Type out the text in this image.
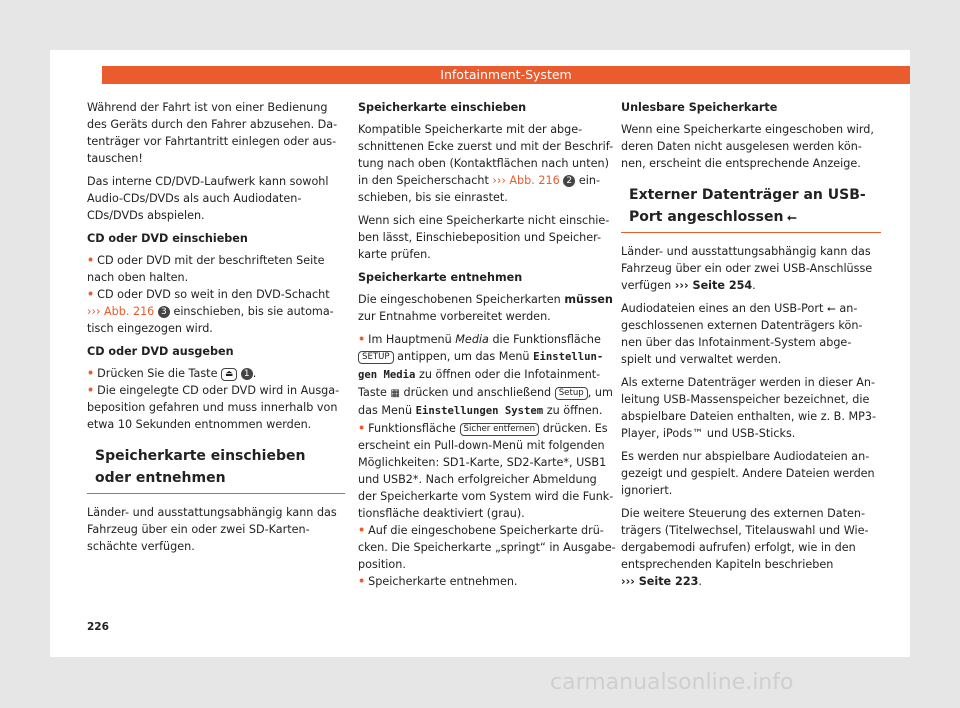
Infotainment-System

Während der Fahrt ist von einer Bedienung des Geräts durch den Fahrer abzusehen. Da-tenträger vor Fahrtantritt einlegen oder aus-tauschen!

Das interne CD/DVD-Laufwerk kann sowohl Audio-CDs/DVDs als auch Audiodaten-CDs/DVDs abspielen.

CD oder DVD einschieben

• CD oder DVD mit der beschrifteten Seite nach oben halten.

• CD oder DVD so weit in den DVD-Schacht
››› Abb. 216 3 einschieben, bis sie automa-tisch eingezogen wird.

CD oder DVD ausgeben

• Drücken Sie die Taste ⏏ 1 .

• Die eingelegte CD oder DVD wird in Ausga-beposition gefahren und muss innerhalb von etwa 10 Sekunden entnommen werden.

Speicherkarte einschieben oder entnehmen

Länder- und ausstattungsabhängig kann das Fahrzeug über ein oder zwei SD-Karten-schächte verfügen.

Speicherkarte einschieben

Kompatible Speicherkarte mit der abge-schnittenen Ecke zuerst und mit der Beschrif-tung nach oben (Kontaktflächen nach unten) in den Speicherschacht ››› Abb. 216 2 ein-schieben, bis sie einrastet.

Wenn sich eine Speicherkarte nicht einschie-ben lässt, Einschiebeposition und Speicher-karte prüfen.

Speicherkarte entnehmen

Die eingeschobenen Speicherkarten müssen zur Entnahme vorbereitet werden.

• Im Hauptmenü Media die Funktionsfläche SETUP antippen, um das Menü Einstellun-gen Media zu öffnen oder die Infotainment-Taste ▦ drücken und anschließend Setup , um das Menü Einstellungen System zu öffnen.

• Funktionsfläche Sicher entfernen drücken. Es erscheint ein Pull-down-Menü mit folgenden Möglichkeiten: SD1-Karte, SD2-Karte*, USB1 und USB2*. Nach erfolgreicher Abmeldung der Speicherkarte vom System wird die Funk-tionsfläche deaktiviert (grau).

• Auf die eingeschobene Speicherkarte drü-cken. Die Speicherkarte „springt“ in Ausgabe-position.

• Speicherkarte entnehmen.

Unlesbare Speicherkarte

Wenn eine Speicherkarte eingeschoben wird, deren Daten nicht ausgelesen werden kön-nen, erscheint die entsprechende Anzeige.

Externer Datenträger an USB-Port angeschlossen ⭠

Länder- und ausstattungsabhängig kann das Fahrzeug über ein oder zwei USB-Anschlüsse verfügen ››› Seite 254.

Audiodateien eines an den USB-Port ⭠ an-geschlossenen externen Datenträgers kön-nen über das Infotainment-System abge-spielt und verwaltet werden.

Als externe Datenträger werden in dieser An-leitung USB-Massenspeicher bezeichnet, die abspielbare Dateien enthalten, wie z. B. MP3-Player, iPods™ und USB-Sticks.

Es werden nur abspielbare Audiodateien an-gezeigt und gespielt. Andere Dateien werden ignoriert.

Die weitere Steuerung des externen Daten-trägers (Titelwechsel, Titelauswahl und Wie-dergabemodi aufrufen) erfolgt, wie in den entsprechenden Kapiteln beschrieben
››› Seite 223.

226
carmanualsonline.info
